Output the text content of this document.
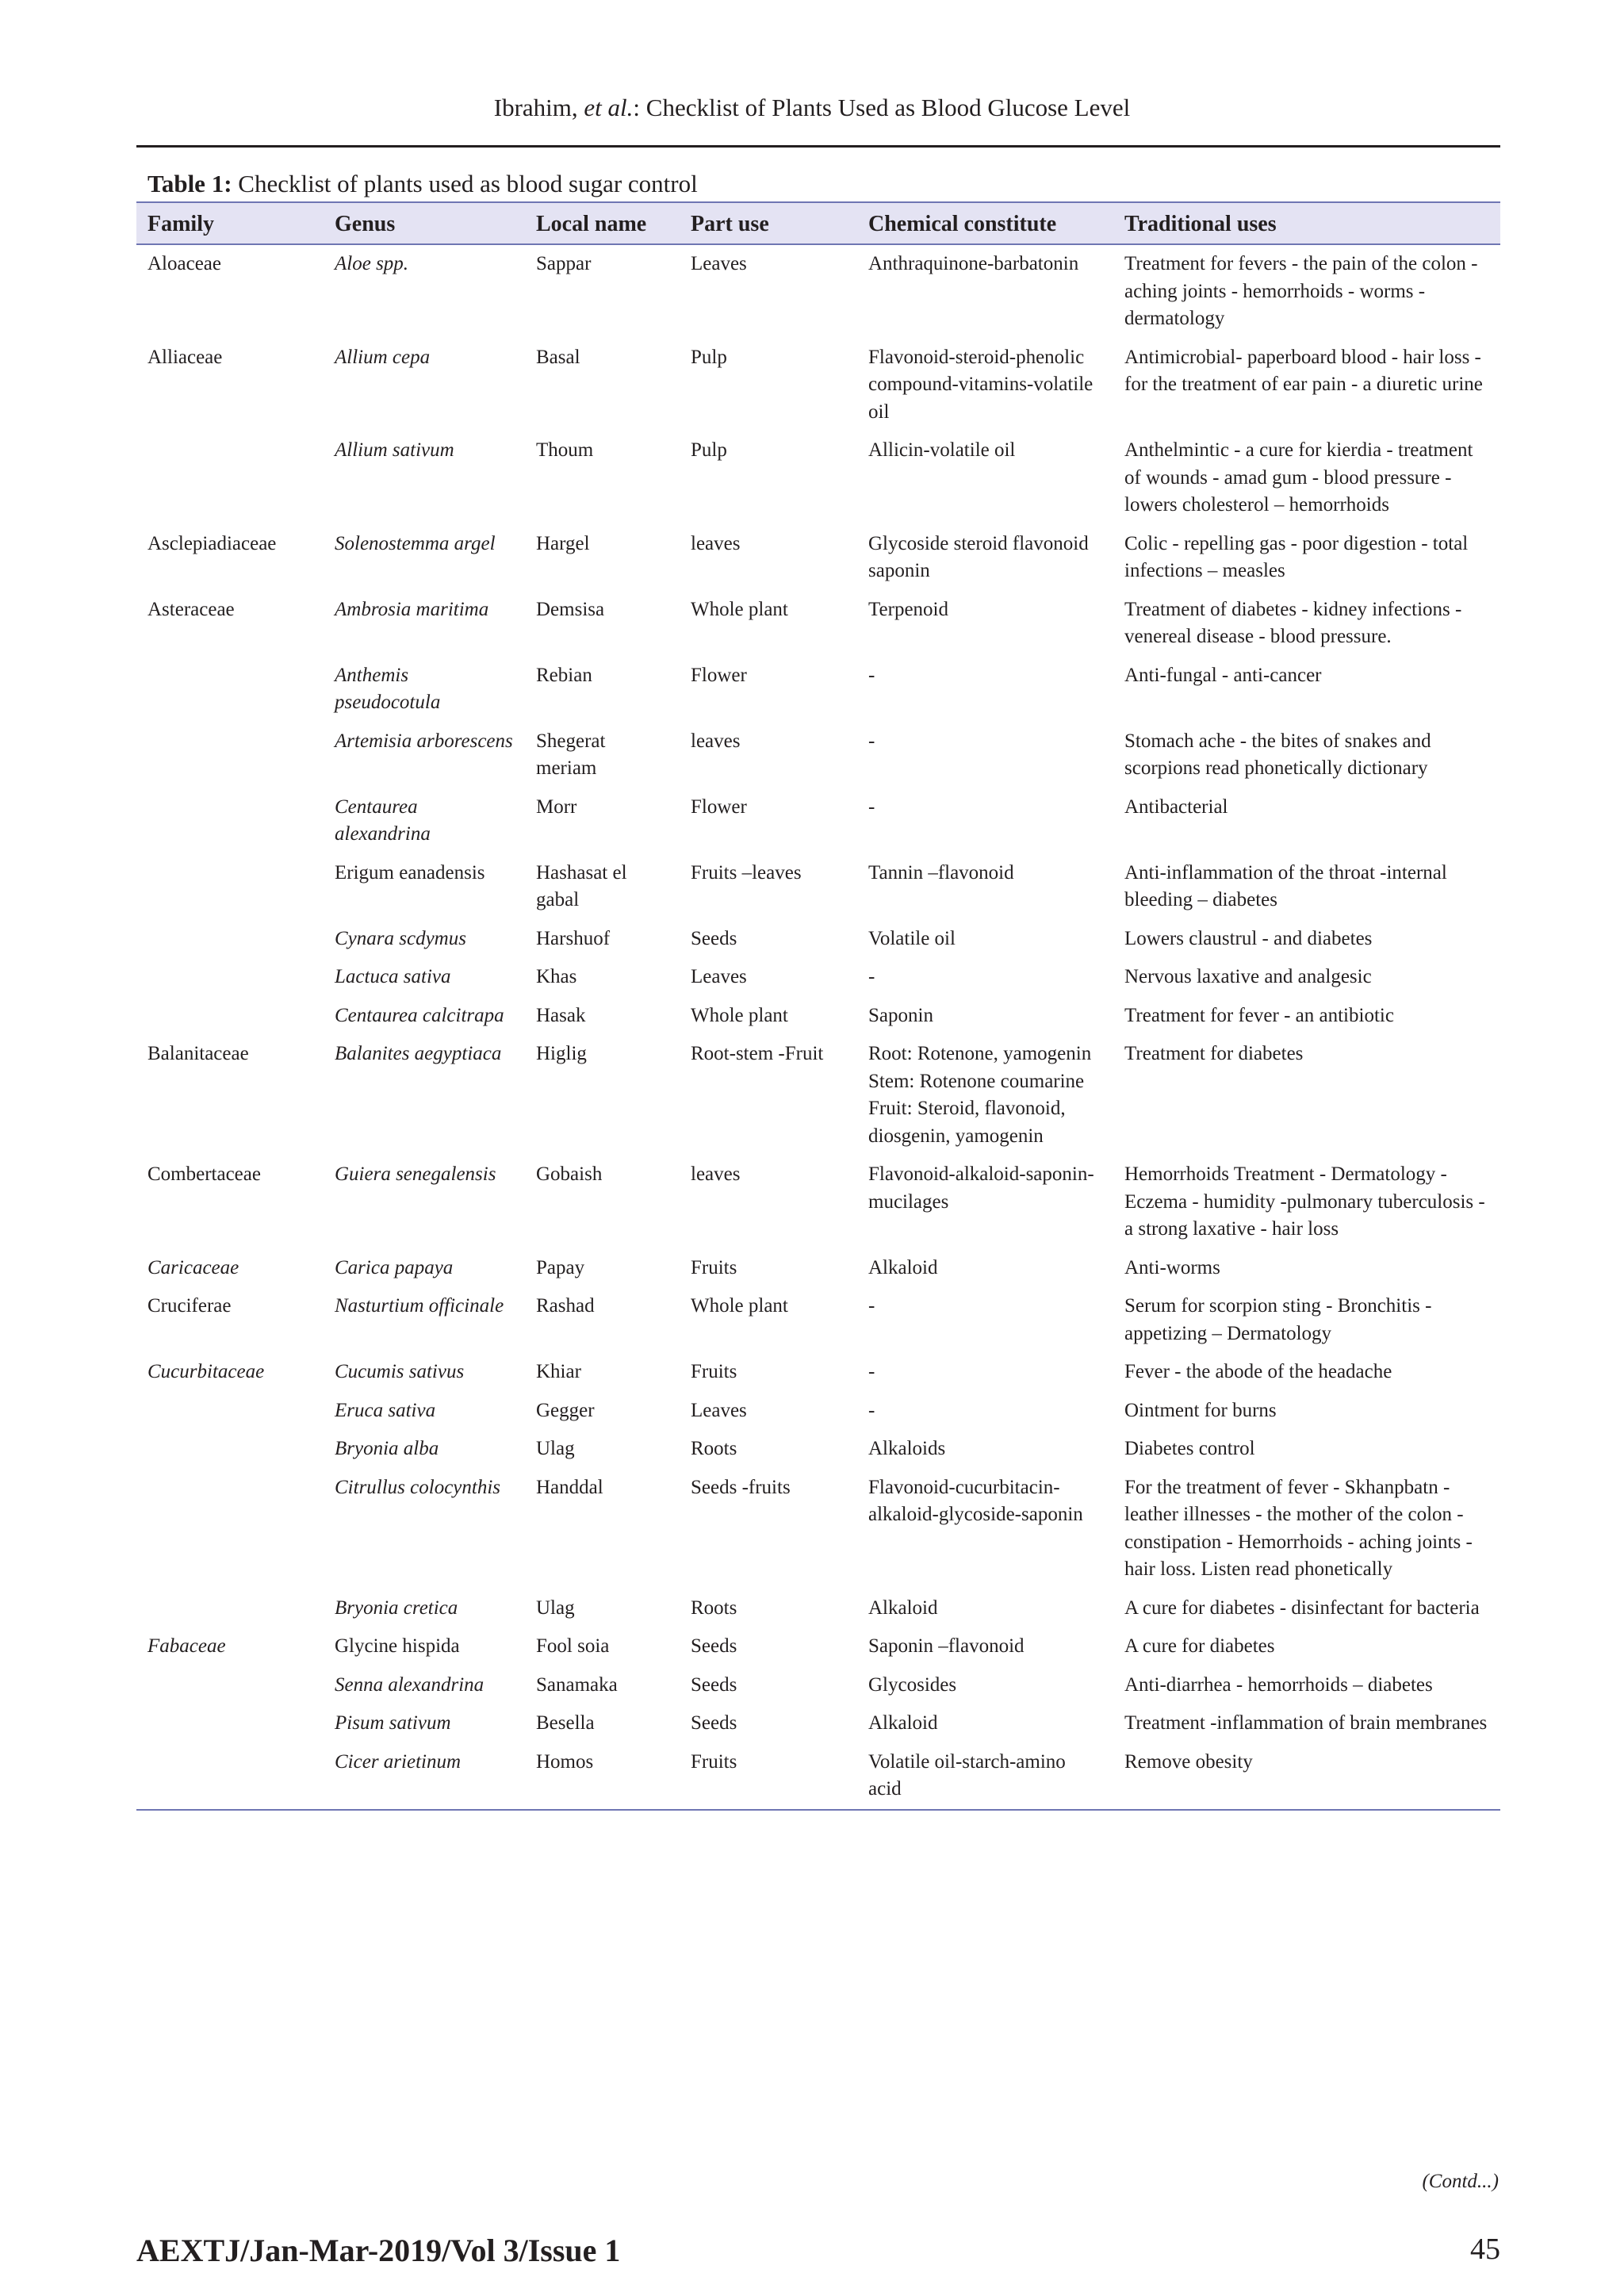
Ibrahim, et al.: Checklist of Plants Used as Blood Glucose Level
Table 1: Checklist of plants used as blood sugar control
Family	Genus	Local name	Part use	Chemical constitute	Traditional uses
Aloaceae	Aloe spp.	Sappar	Leaves	Anthraquinone-barbatonin	Treatment for fevers - the pain of the colon - aching joints - hemorrhoids - worms - dermatology
Alliaceae	Allium cepa	Basal	Pulp	Flavonoid-steroid-phenolic compound-vitamins-volatile oil	Antimicrobial- paperboard blood - hair loss - for the treatment of ear pain - a diuretic urine
	Allium sativum	Thoum	Pulp	Allicin-volatile oil	Anthelmintic - a cure for kierdia - treatment of wounds - amad gum - blood pressure - lowers cholesterol – hemorrhoids
Asclepiadiaceae	Solenostemma argel	Hargel	leaves	Glycoside steroid flavonoid saponin	Colic - repelling gas - poor digestion - total infections – measles
Asteraceae	Ambrosia maritima	Demsisa	Whole plant	Terpenoid	Treatment of diabetes - kidney infections - venereal disease - blood pressure.
	Anthemis pseudocotula	Rebian	Flower	-	Anti-fungal - anti-cancer
	Artemisia arborescens	Shegerat meriam	leaves	-	Stomach ache - the bites of snakes and scorpions read phonetically dictionary
	Centaurea alexandrina	Morr	Flower	-	Antibacterial
	Erigum eanadensis	Hashasat el gabal	Fruits –leaves	Tannin –flavonoid	Anti-inflammation of the throat -internal bleeding – diabetes
	Cynara scdymus	Harshuof	Seeds	Volatile oil	Lowers claustrul - and diabetes
	Lactuca sativa	Khas	Leaves	-	Nervous laxative and analgesic
	Centaurea calcitrapa	Hasak	Whole plant	Saponin	Treatment for fever - an antibiotic
Balanitaceae	Balanites aegyptiaca	Higlig	Root-stem -Fruit	Root: Rotenone, yamogenin Stem: Rotenone coumarine Fruit: Steroid, flavonoid, diosgenin, yamogenin	Treatment for diabetes
Combertaceae	Guiera senegalensis	Gobaish	leaves	Flavonoid-alkaloid-saponin-mucilages	Hemorrhoids Treatment - Dermatology - Eczema - humidity -pulmonary tuberculosis - a strong laxative - hair loss
Caricaceae	Carica papaya	Papay	Fruits	Alkaloid	Anti-worms
Cruciferae	Nasturtium officinale	Rashad	Whole plant	-	Serum for scorpion sting - Bronchitis - appetizing – Dermatology
Cucurbitaceae	Cucumis sativus	Khiar	Fruits	-	Fever - the abode of the headache
	Eruca sativa	Gegger	Leaves	-	Ointment for burns
	Bryonia alba	Ulag	Roots	Alkaloids	Diabetes control
	Citrullus colocynthis	Handdal	Seeds -fruits	Flavonoid-cucurbitacin-alkaloid-glycoside-saponin	For the treatment of fever - Skhanpbatn - leather illnesses - the mother of the colon - constipation - Hemorrhoids - aching joints - hair loss. Listen read phonetically
	Bryonia cretica	Ulag	Roots	Alkaloid	A cure for diabetes - disinfectant for bacteria
Fabaceae	Glycine hispida	Fool soia	Seeds	Saponin –flavonoid	A cure for diabetes
	Senna alexandrina	Sanamaka	Seeds	Glycosides	Anti-diarrhea - hemorrhoids – diabetes
	Pisum sativum	Besella	Seeds	Alkaloid	Treatment -inflammation of brain membranes
	Cicer arietinum	Homos	Fruits	Volatile oil-starch-amino acid	Remove obesity
(Contd...)
AEXTJ/Jan-Mar-2019/Vol 3/Issue 1	45
